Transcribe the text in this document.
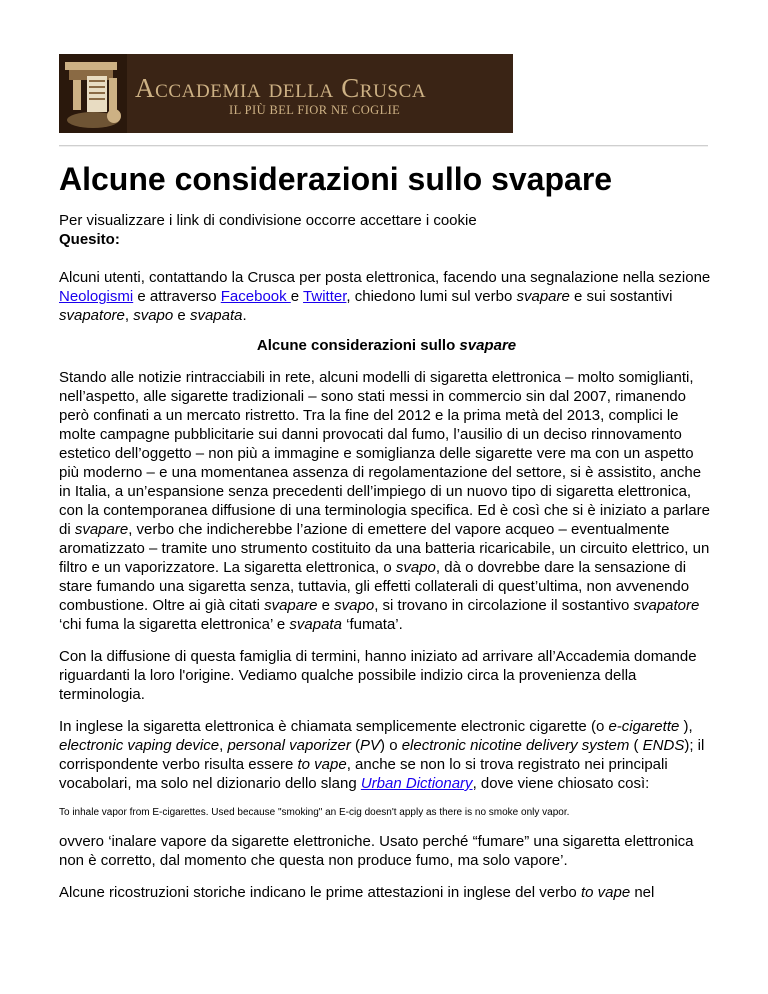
Accademia della Crusca
IL PIÙ BEL FIOR NE COGLIE
Alcune considerazioni sullo svapare

Per visualizzare i link di condivisione occorre accettare i cookie

Quesito:

Alcuni utenti, contattando la Crusca per posta elettronica, facendo una segnalazione nella sezione Neologismi e attraverso Facebook e Twitter, chiedono lumi sul verbo svapare e sui sostantivi svapatore, svapo e svapata.

Alcune considerazioni sullo svapare

Stando alle notizie rintracciabili in rete, alcuni modelli di sigaretta elettronica – molto somiglianti, nell’aspetto, alle sigarette tradizionali – sono stati messi in commercio sin dal 2007, rimanendo però confinati a un mercato ristretto. Tra la fine del 2012 e la prima metà del 2013, complici le molte campagne pubblicitarie sui danni provocati dal fumo, l’ausilio di un deciso rinnovamento estetico dell’oggetto – non più a immagine e somiglianza delle sigarette vere ma con un aspetto più moderno – e una momentanea assenza di regolamentazione del settore, si è assistito, anche in Italia, a un’espansione senza precedenti dell’impiego di un nuovo tipo di sigaretta elettronica, con la contemporanea diffusione di una terminologia specifica. Ed è così che si è iniziato a parlare di svapare, verbo che indicherebbe l’azione di emettere del vapore acqueo – eventualmente aromatizzato – tramite uno strumento costituito da una batteria ricaricabile, un circuito elettrico, un filtro e un vaporizzatore. La sigaretta elettronica, o svapo, dà o dovrebbe dare la sensazione di stare fumando una sigaretta senza, tuttavia, gli effetti collaterali di quest’ultima, non avvenendo combustione. Oltre ai già citati svapare e svapo, si trovano in circolazione il sostantivo svapatore ‘chi fuma la sigaretta elettronica’ e svapata ‘fumata’.

Con la diffusione di questa famiglia di termini, hanno iniziato ad arrivare all’Accademia domande riguardanti la loro l'origine. Vediamo qualche possibile indizio circa la provenienza della terminologia.

In inglese la sigaretta elettronica è chiamata semplicemente electronic cigarette (o e-cigarette ), electronic vaping device, personal vaporizer (PV) o electronic nicotine delivery system ( ENDS); il corrispondente verbo risulta essere to vape, anche se non lo si trova registrato nei principali vocabolari, ma solo nel dizionario dello slang Urban Dictionary, dove viene chiosato così:

To inhale vapor from E-cigarettes. Used because "smoking" an E-cig doesn't apply as there is no smoke only vapor.

ovvero ‘inalare vapore da sigarette elettroniche. Usato perché “fumare” una sigaretta elettronica non è corretto, dal momento che questa non produce fumo, ma solo vapore’.

Alcune ricostruzioni storiche indicano le prime attestazioni in inglese del verbo to vape nel
